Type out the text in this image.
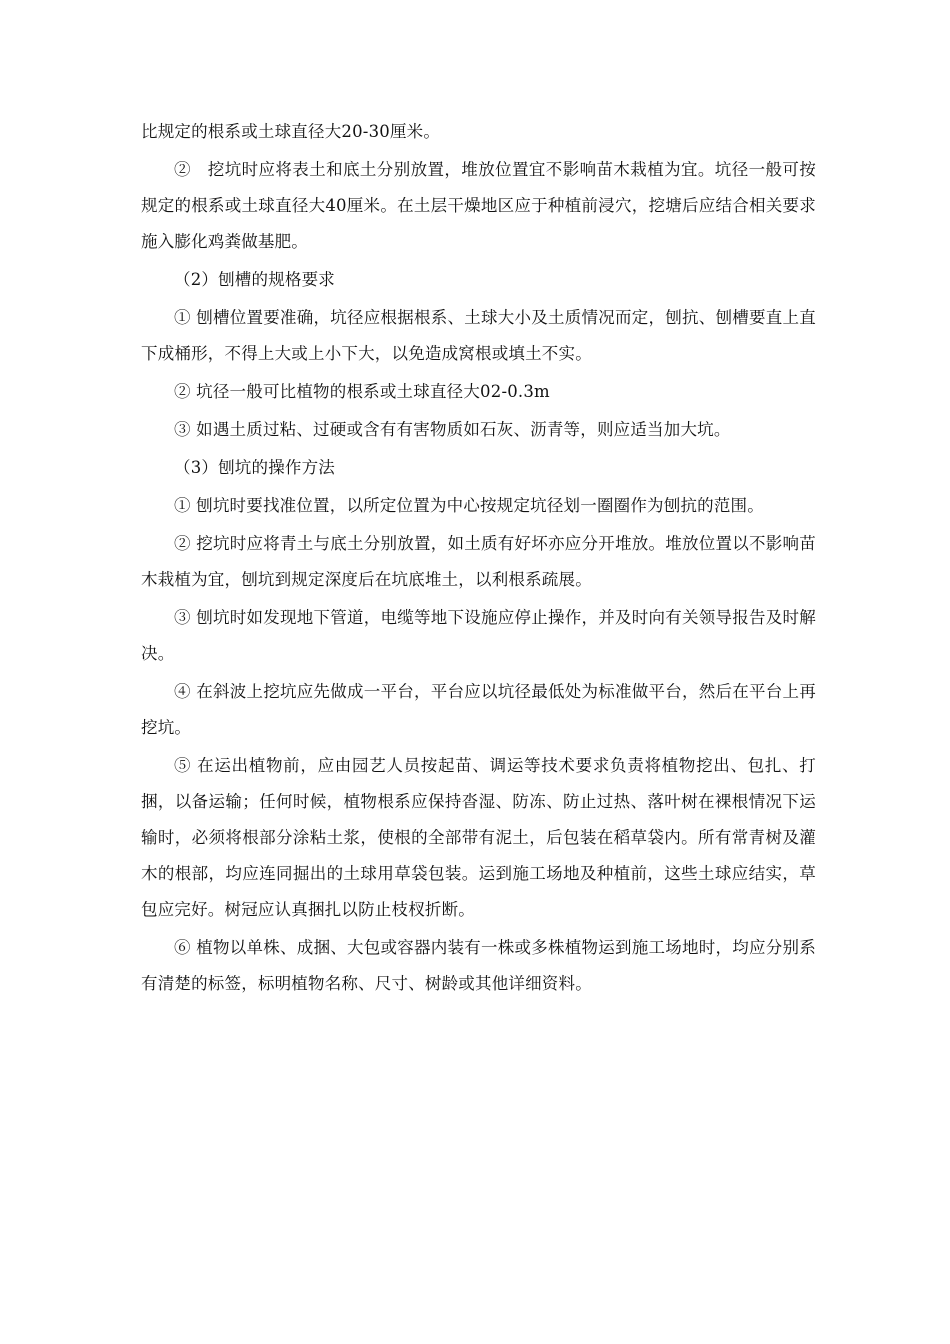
比规定的根系或土球直径大20-30厘米。

②　挖坑时应将表土和底土分别放置，堆放位置宜不影响苗木栽植为宜。坑径一般可按规定的根系或土球直径大40厘米。在土层干燥地区应于种植前浸穴，挖塘后应结合相关要求施入膨化鸡粪做基肥。

（2）刨槽的规格要求

① 刨槽位置要准确，坑径应根据根系、土球大小及土质情况而定，刨抗、刨槽要直上直下成桶形，不得上大或上小下大，以免造成窝根或填土不实。

② 坑径一般可比植物的根系或土球直径大02-0.3m

③ 如遇土质过粘、过硬或含有有害物质如石灰、沥青等，则应适当加大坑。

（3）刨坑的操作方法

① 刨坑时要找准位置，以所定位置为中心按规定坑径划一圈圈作为刨抗的范围。

② 挖坑时应将青土与底土分别放置，如土质有好坏亦应分开堆放。堆放位置以不影响苗木栽植为宜，刨坑到规定深度后在坑底堆土，以利根系疏展。

③ 刨坑时如发现地下管道，电缆等地下设施应停止操作，并及时向有关领导报告及时解决。

④ 在斜波上挖坑应先做成一平台，平台应以坑径最低处为标准做平台，然后在平台上再挖坑。

⑤ 在运出植物前，应由园艺人员按起苗、调运等技术要求负责将植物挖出、包扎、打捆，以备运输；任何时候，植物根系应保持沓湿、防冻、防止过热、落叶树在裸根情况下运输时，必须将根部分涂粘土浆，使根的全部带有泥土，后包装在稻草袋内。所有常青树及灌木的根部，均应连同掘出的土球用草袋包装。运到施工场地及种植前，这些土球应结实，草包应完好。树冠应认真捆扎以防止枝杈折断。

⑥ 植物以单株、成捆、大包或容器内装有一株或多株植物运到施工场地时，均应分别系有清楚的标签，标明植物名称、尺寸、树龄或其他详细资料。
